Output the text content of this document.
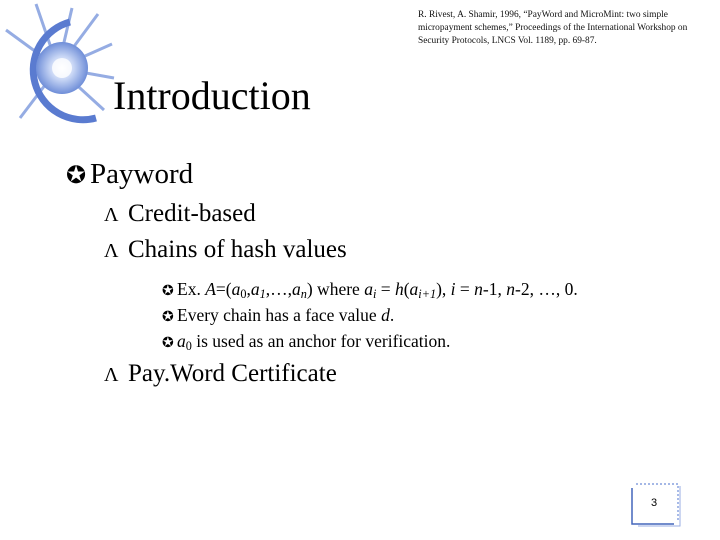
R. Rivest, A. Shamir, 1996, “PayWord and MicroMint: two simple micropayment schemes,” Proceedings of the International Workshop on Security Protocols, LNCS Vol. 1189, pp. 69-87.
Introduction
✪ Payword
Λ Credit-based
Λ Chains of hash values
✪ Ex. $A=(a_0,a_1,\dots,a_n)$ where $a_i = h(a_{i+1})$, i = n-1, n-2, …, 0.
✪ Every chain has a face value d.
✪ $a_0$ is used as an anchor for verification.
Λ Pay.Word Certificate
3
